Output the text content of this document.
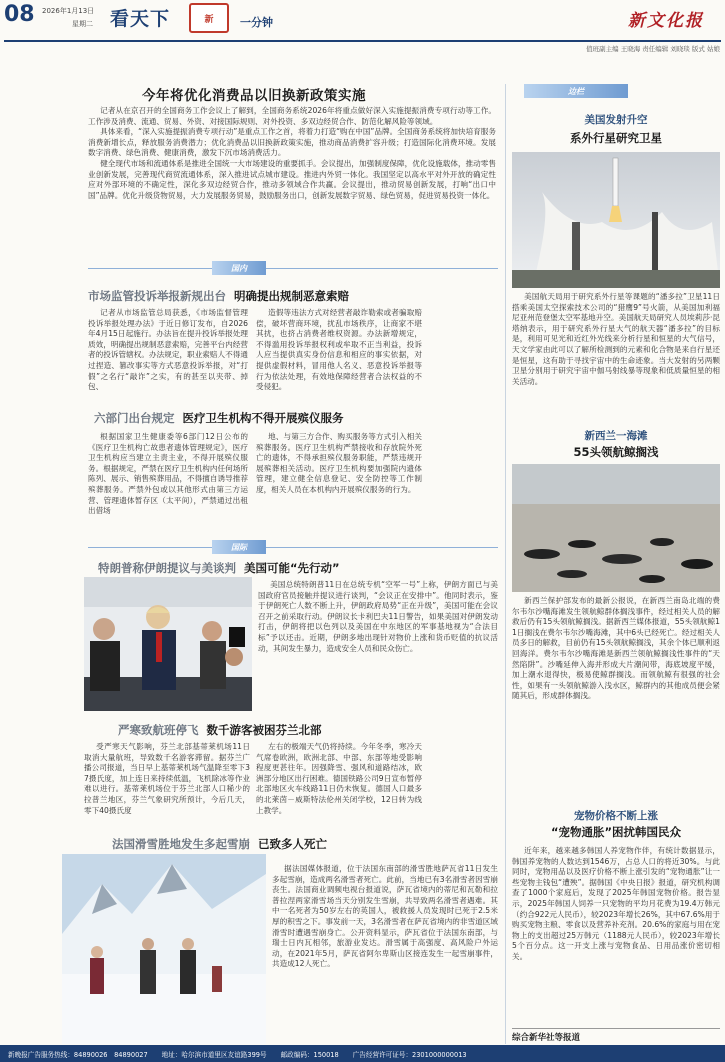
08 2026年1月13日
星期二 看天下	新	一分钟	新文化报
值班副主编 王晓海 责任编辑 刘晓琰 版式 姑娘
今年将优化消费品以旧换新政策实施

记者从在京召开的全国商务工作会议上了解到，全国商务系统2026年将重点做好深入实施提振消费专项行动等工作。工作涉及消费、流通、贸易、外资、对接国际规则、对外投资、多双边经贸合作、防范化解风险等领域。

具体来看，“深入实施提振消费专项行动”是重点工作之首，将着力打造“购在中国”品牌。全国商务系统将加快培育服务消费新增长点，释放服务消费潜力；优化消费品以旧换新政策实施，推动商品消费扩容升级；打造国际化消费环境。发展数字消费、绿色消费、健康消费，激发下沉市场消费活力。

健全现代市场和流通体系是推进全国统一大市场建设的重要抓手。会议提出，加强制度保障，优化设施载体，推动零售业创新发展，完善现代商贸流通体系，深入推进试点城市建设。推进内外贸一体化。我国坚定以高水平对外开放的确定性应对外部环境的不确定性，深化多双边经贸合作，推动多领域合作共赢。会议提出，推动贸易创新发展，打响“出口中国”品牌。优化升级货物贸易，大力发展服务贸易，鼓励服务出口，创新发展数字贸易、绿色贸易，促进贸易投资一体化。

国内
市场监管投诉举报新规出台 明确提出规制恶意索赔

记者从市场监管总局获悉，《市场监督管理投诉举报处理办法》于近日修订发布，自2026年4月15日起施行。办法旨在提升投诉举报处理质效，明确提出规制恶意索赔，完善平台内经营者的投诉管辖权。办法规定，职业索赔人不得通过捏造、篡改事实等方式恶意投诉举报，对“打假”之名行“敲诈”之实，有的甚至以夹带、掉包、

造假等违法方式对经营者敲诈勒索或者骗取赔偿，破坏营商环境，扰乱市场秩序，让商家不堪其扰，也挤占消费者维权资源。办法新增规定，不得滥用投诉举报权利或牟取不正当利益，投诉人应当提供真实身份信息和相应的事实依据，对提供虚假材料，冒用他人名义、恶意投诉举报等行为依法处理，有效地保障经营者合法权益的不受侵犯。

六部门出台规定 医疗卫生机构不得开展殡仪服务

根据国家卫生健康委等6部门12日公布的《医疗卫生机构亡故患者遗体管理规定》，医疗卫生机构应当建立主责主业，不得开展殡仪服务。根据规定，严禁在医疗卫生机构内任何场所陈列、展示、销售殡葬用品，不得擅自诱导推荐殡葬服务。严禁外包或以其他形式由第三方运营、管理遗体暂存区（太平间），严禁通过出租出借场

地、与第三方合作、购买服务等方式引入相关殡葬服务。医疗卫生机构严禁接收和存放院外死亡的遗体，不得承担殡仪服务职能，严禁违规开展殡葬相关活动。医疗卫生机构要加强院内遗体管理，建立健全信息登记、安全防控等工作制度，相关人员在本机构内开展殡仪服务的行为。

国际
特朗普称伊朗提议与美谈判 美国可能“先行动”

美国总统特朗普11日在总统专机“空军一号”上称，伊朗方面已与美国政府官员接触并提议进行谈判，“会议正在安排中”。他同时表示，鉴于伊朗死亡人数不断上升，伊朗政府局势“正在升级”，美国可能在会议召开之前采取行动。伊朗议长卡利巴夫11日警告，如果美国对伊朗发动打击，伊朗将把以色列以及美国在中东地区的军事基地视为“合法目标”予以还击。近期，伊朗多地出现针对物价上涨和货币贬值的抗议活动，其间发生暴力，造成安全人员和民众伤亡。

严寒致航班停飞 数千游客被困芬兰北部

受严寒天气影响，芬兰北部基蒂莱机场11日取消大量航班，导致数千名游客滞留。据芬兰广播公司报道，当日早上基蒂莱机场气温降至零下37摄氏度，加上连日来持续低温，飞机除冰等作业难以进行。基蒂莱机场位于芬兰北部人口稀少的拉普兰地区，芬兰气象研究所预计，今后几天，零下40摄氏度

左右的极端天气仍将持续。今年冬季，寒冷天气席卷欧洲，欧洲北部、中部、东部等地受影响程度更甚往年。因强降雪、强风和道路结冰，欧洲部分地区出行困难。德国铁路公司9日宣布暂停北部地区火车线路11日仍未恢复。德国人口最多的北莱茵－威斯特法伦州关闭学校，12日转为线上教学。

法国滑雪胜地发生多起雪崩 已致多人死亡

据法国媒体报道，位于法国东南部的滑雪胜地萨瓦省11日发生多起雪崩，造成两名滑雪者死亡。此前，当地已有3名滑雪者因雪崩丧生。法国商业调频电视台报道说，萨瓦省境内的蒂尼和瓦勒和拉普拉涅两家滑雪场当天分别发生雪崩，共导致两名滑雪者遇难。其中一名死者为50岁左右的英国人，被救援人员发现时已死于2.5米厚的积雪之下。事发前一天，3名滑雪者在萨瓦省境内的非雪道区域滑雪时遭遇雪崩身亡。公开资料显示，萨瓦省位于法国东南部，与瑞士日内瓦相邻，旅游业发达。滑雪属于高强度、高风险户外运动，在2021年5月，萨瓦省阿尔卑斯山区接连发生一起雪崩事件，共造成12人死亡。

边栏
美国发射升空
系外行星研究卫星

美国航天局用于研究系外行星等课题的“潘多拉”卫星11日搭乘美国太空探索技术公司的“猎鹰9”号火箭，从美国加利福尼亚州范登堡太空军基地升空。美国航天局研究人员埃莉莎·昆塔纳表示，用于研究系外行星大气的航天器“潘多拉”的目标是，利用可见光和近红外光线来分析行星和恒星的大气信号，天文学家由此可以了解所检测到的元素和化合物是来自行星还是恒星，这有助于寻找宇宙中的生命迹象。当大发射的另两颗卫星分别用于研究宇宙中伽马射线暴等现象和低质量恒星的相关活动。

新西兰一海滩
55头领航鲸搁浅

新西兰保护部发布的最新公报说，在新西兰南岛北端的费尔韦尔沙嘴海滩发生领航鲸群体搁浅事件，经过相关人员的解救后仍有15头领航鲸搁浅。据新西兰媒体报道，55头领航鲸11日搁浅在费尔韦尔沙嘴海滩，其中6头已经死亡。经过相关人员多日的解救，目前仍有15头领航鲸搁浅，其余个体已顺利返回海洋。费尔韦尔沙嘴海滩是新西兰领航鲸搁浅性事件的“天然陷阱”。沙嘴延伸入海并形成大片潮间带，海底坡度平缓，加上潮水退得快，极易使鲸群搁浅。而领航鲸有很强的社会性，如果有一头领航鲸游入浅水区，鲸群内的其他成员便会紧随其后，形成群体搁浅。

宠物价格不断上涨
“宠物通胀”困扰韩国民众

近年来，越来越多韩国人养宠物作伴，有统计数据显示，韩国养宠物的人数达到1546万，占总人口的将近30%。与此同时，宠物用品以及医疗价格不断上涨引发的“宠物通胀”让一些宠物主钱包“遭殃”。据韩国《中央日报》报道，研究机构调查了1000个家庭后，发现了2025年韩国宠物价格。报告显示，2025年韩国人饲养一只宠物的平均月花费为19.4万韩元（约合922元人民币），较2023年增长26%，其中67.6%用于购买宠物主粮、零食以及营养补充剂。20.6%的家庭与用在宠物上的支出超过25万韩元（1188元人民币），较2023年增长5个百分点。这一开支上涨与宠物食品、日用品涨价密切相关。

综合新华社等报道
新晚报广告服务热线：84890026　84890027 地址：哈尔滨市道里区友谊路399号 邮政编码：150018 广告经营许可证号：2301000000013
